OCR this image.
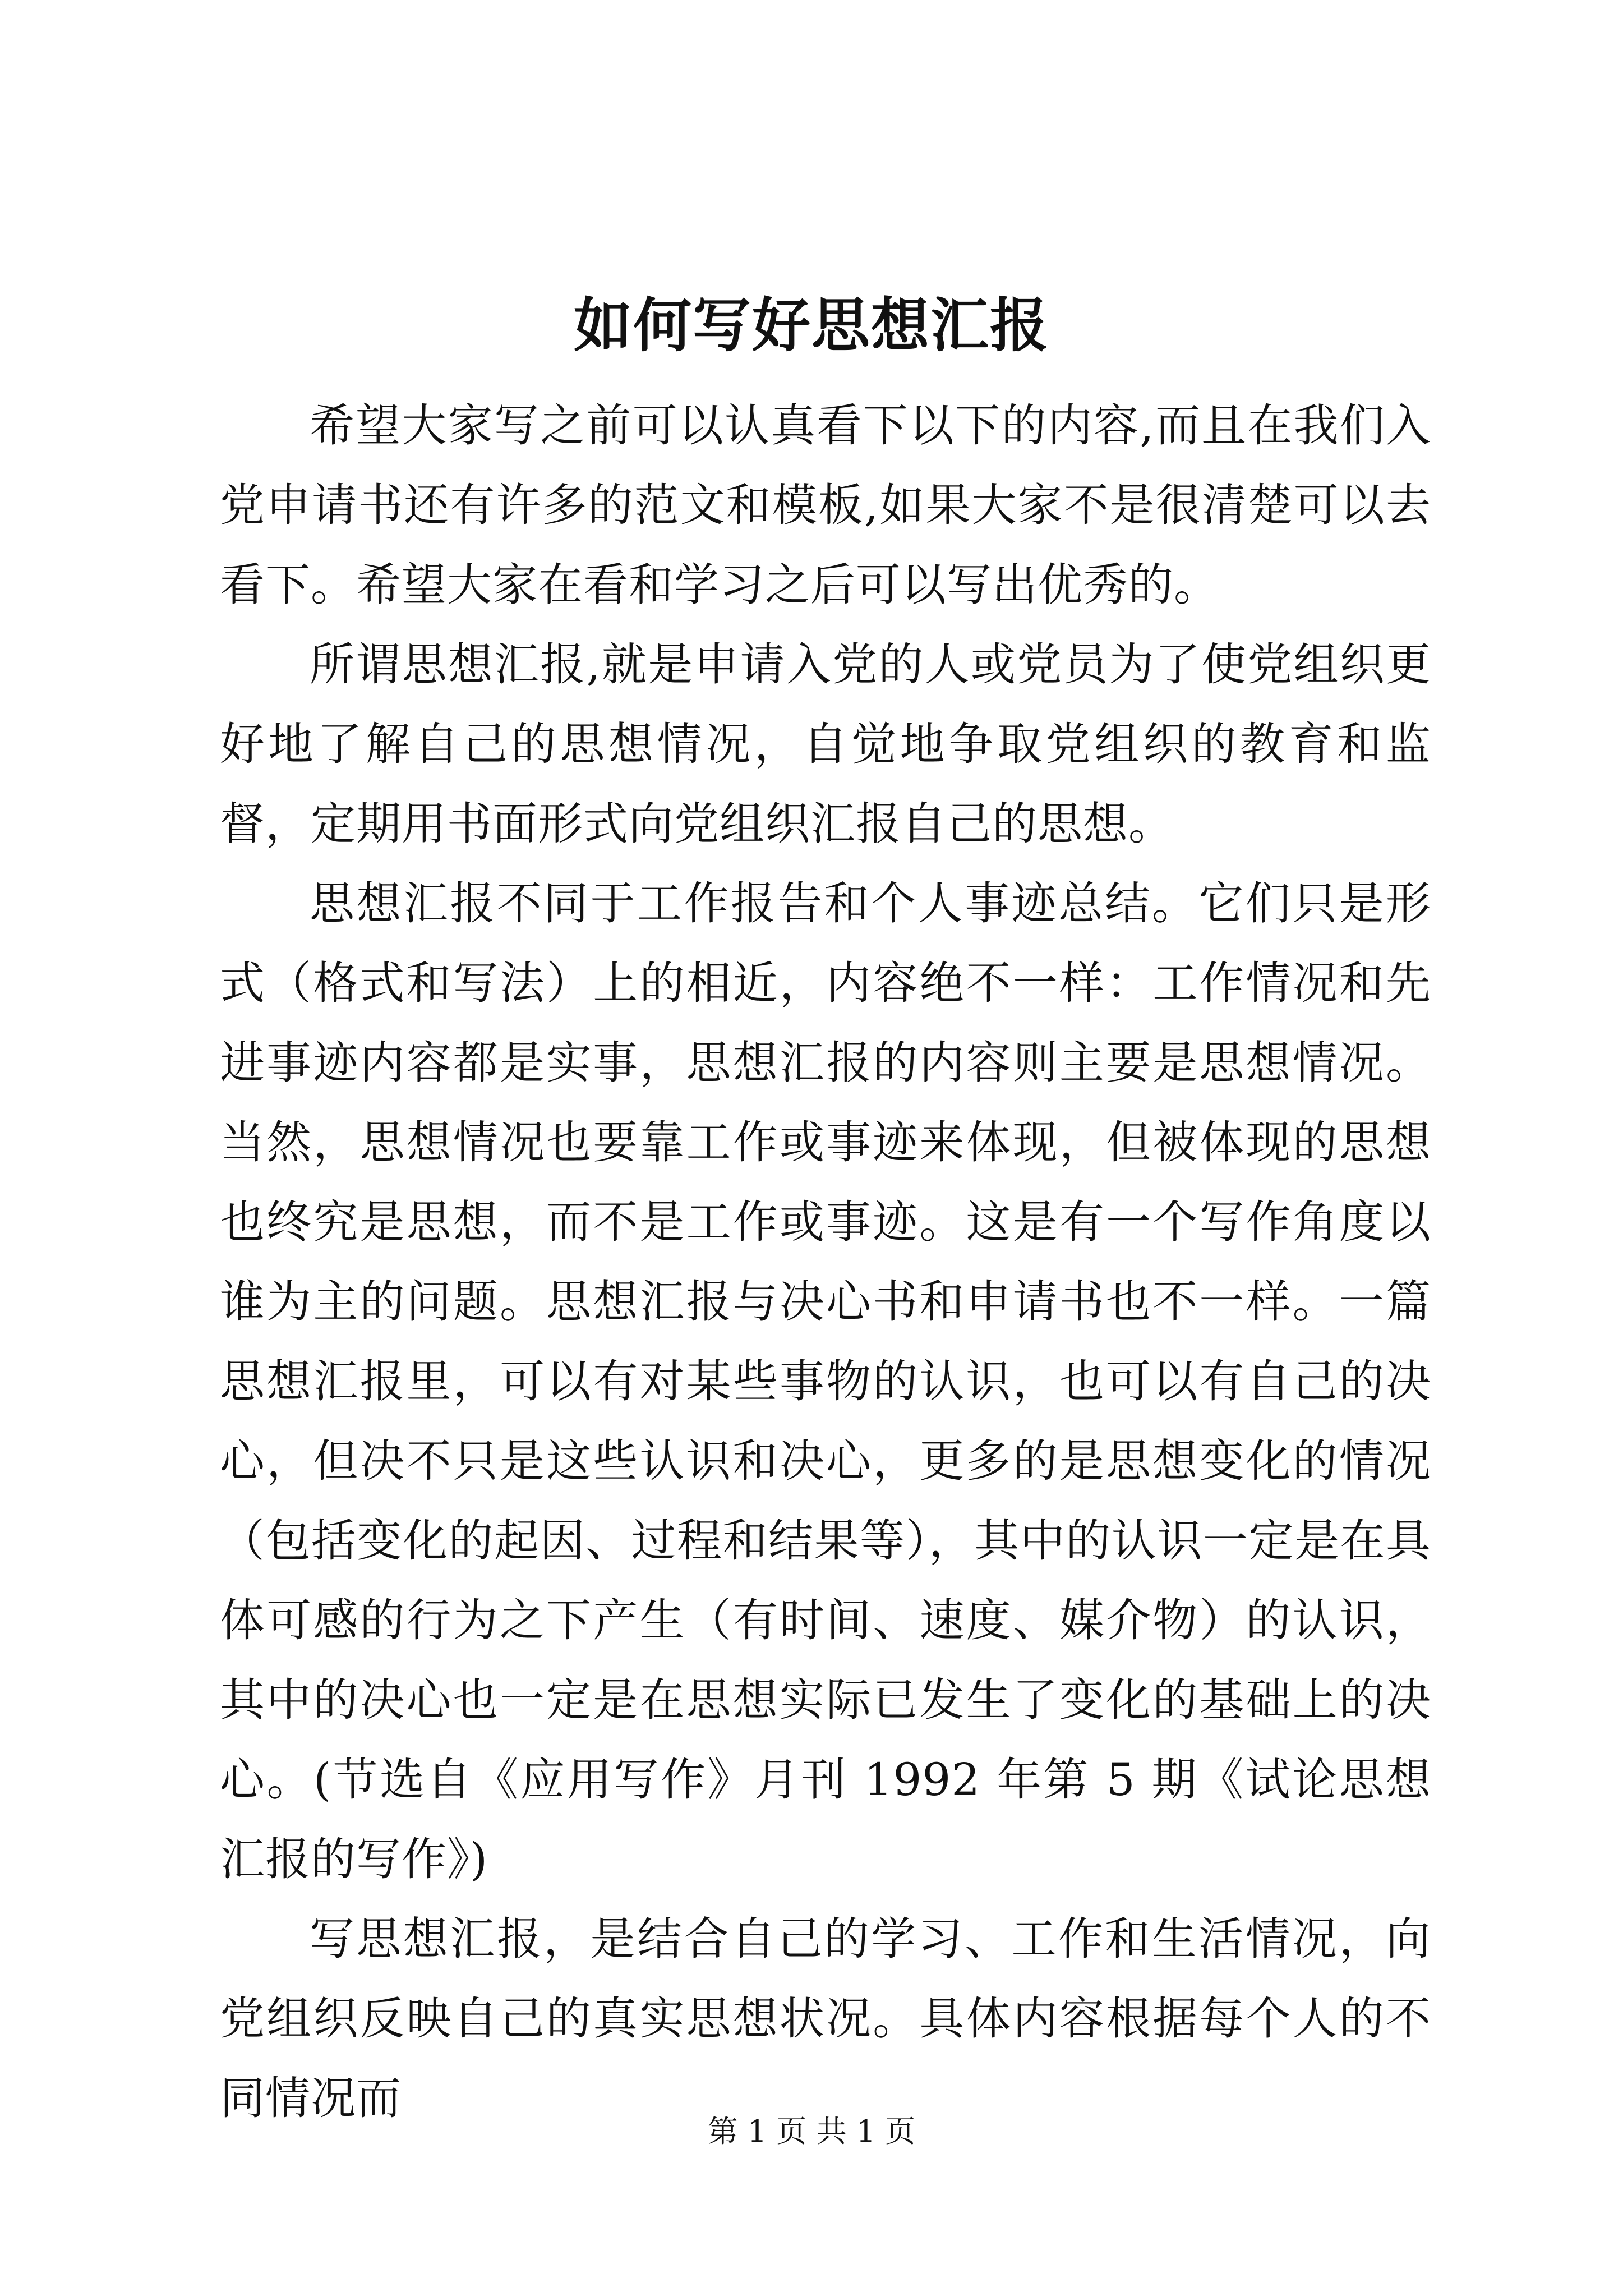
如何写好思想汇报

希望大家写之前可以认真看下以下的内容,而且在我们入党申请书还有许多的范文和模板,如果大家不是很清楚可以去看下。希望大家在看和学习之后可以写出优秀的。

所谓思想汇报,就是申请入党的人或党员为了使党组织更好地了解自己的思想情况，自觉地争取党组织的教育和监督，定期用书面形式向党组织汇报自己的思想。

思想汇报不同于工作报告和个人事迹总结。它们只是形式（格式和写法）上的相近，内容绝不一样：工作情况和先进事迹内容都是实事，思想汇报的内容则主要是思想情况。当然，思想情况也要靠工作或事迹来体现，但被体现的思想也终究是思想，而不是工作或事迹。这是有一个写作角度以谁为主的问题。思想汇报与决心书和申请书也不一样。一篇思想汇报里，可以有对某些事物的认识，也可以有自己的决心，但决不只是这些认识和决心，更多的是思想变化的情况（包括变化的起因、过程和结果等），其中的认识一定是在具体可感的行为之下产生（有时间、速度、媒介物）的认识，其中的决心也一定是在思想实际已发生了变化的基础上的决心。(节选自《应用写作》月刊 1992 年第 5 期《试论思想汇报的写作》)

写思想汇报，是结合自己的学习、工作和生活情况，向党组织反映自己的真实思想状况。具体内容根据每个人的不同情况而

第 1 页 共 1 页
